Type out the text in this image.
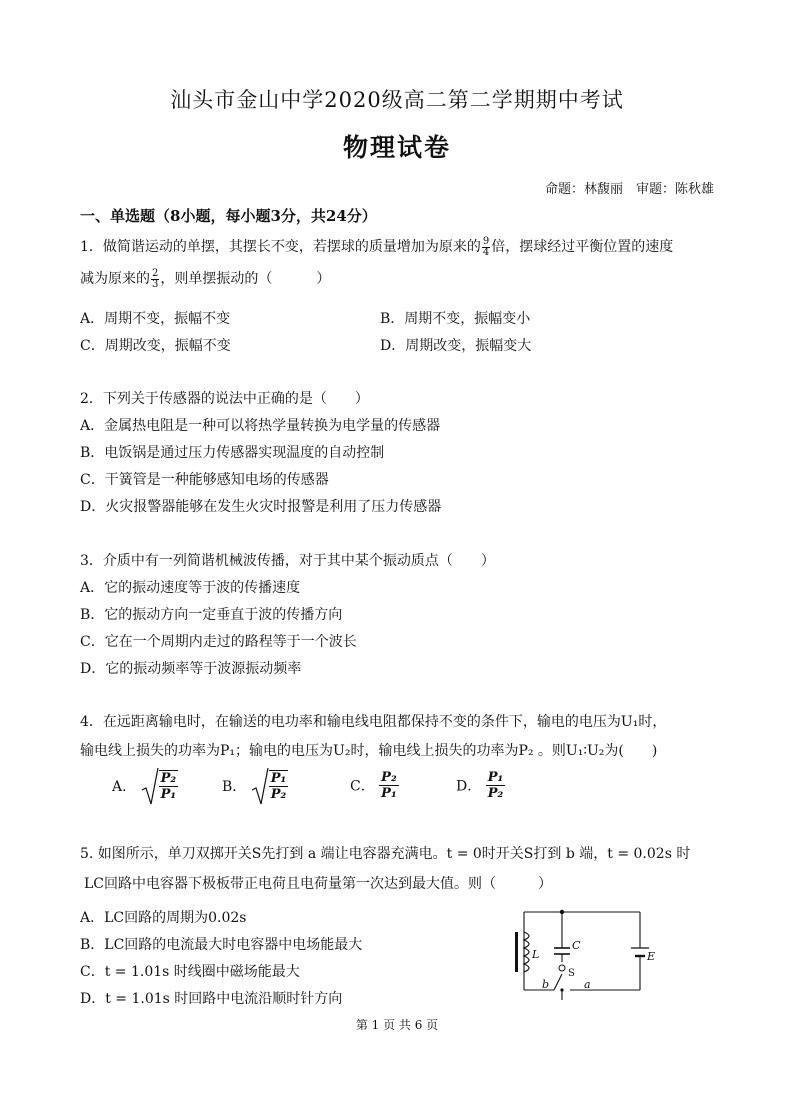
汕头市金山中学2020级高二第二学期期中考试
物理试卷
命题：林馥丽　审题：陈秋雄
一、单选题（8小题，每小题3分，共24分）
1．做简谐运动的单摆，其摆长不变，若摆球的质量增加为原来的 $\frac{9}{4}$ 倍，摆球经过平衡位置的速度
减为原来的 $\frac{2}{3}$ ，则单摆振动的（	）
A．周期不变，振幅不变	B．周期不变，振幅变小
C．周期改变，振幅不变	D．周期改变，振幅变大
2．下列关于传感器的说法中正确的是（　　）
A．金属热电阻是一种可以将热学量转换为电学量的传感器
B．电饭锅是通过压力传感器实现温度的自动控制
C．干簧管是一种能够感知电场的传感器
D．火灾报警器能够在发生火灾时报警是利用了压力传感器
3．介质中有一列简谐机械波传播，对于其中某个振动质点（　　）
A．它的振动速度等于波的传播速度
B．它的振动方向一定垂直于波的传播方向
C．它在一个周期内走过的路程等于一个波长
D．它的振动频率等于波源振动频率
4．在远距离输电时，在输送的电功率和输电线电阻都保持不变的条件下，输电的电压为U₁时，
输电线上损失的功率为P₁；输电的电压为U₂时，输电线上损失的功率为P₂ 。则U₁∶U₂为(　　)
A． $\frac{\text{P₂}}{\text{P₁}}$	B． $\frac{\text{P₁}}{\text{P₂}}$	C． $\frac{\text{P₂}}{\text{P₁}}$	D． $\frac{\text{P₁}}{\text{P₂}}$
5. 如图所示，单刀双掷开关S先打到 a 端让电容器充满电。t = 0时开关S打到 b 端，t = 0.02s 时
LC回路中电容器下极板带正电荷且电荷量第一次达到最大值。则（　　　）
A．LC回路的周期为0.02s
B．LC回路的电流最大时电容器中电场能最大
C．t = 1.01s 时线圈中磁场能最大
D．t = 1.01s 时回路中电流沿顺时针方向
L
C
E
b	a
S
第 1 页 共 6 页
